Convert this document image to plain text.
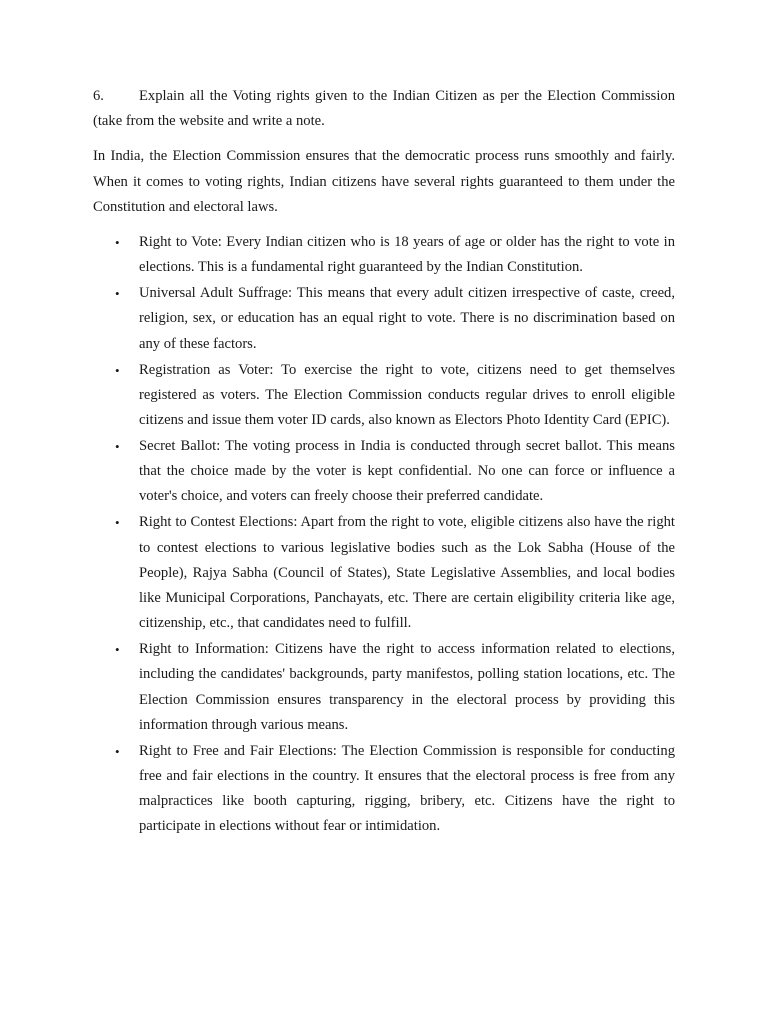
6. Explain all the Voting rights given to the Indian Citizen as per the Election Commission (take from the website and write a note.

In India, the Election Commission ensures that the democratic process runs smoothly and fairly. When it comes to voting rights, Indian citizens have several rights guaranteed to them under the Constitution and electoral laws.

• Right to Vote: Every Indian citizen who is 18 years of age or older has the right to vote in elections. This is a fundamental right guaranteed by the Indian Constitution.
• Universal Adult Suffrage: This means that every adult citizen irrespective of caste, creed, religion, sex, or education has an equal right to vote. There is no discrimination based on any of these factors.
• Registration as Voter: To exercise the right to vote, citizens need to get themselves registered as voters. The Election Commission conducts regular drives to enroll eligible citizens and issue them voter ID cards, also known as Electors Photo Identity Card (EPIC).
• Secret Ballot: The voting process in India is conducted through secret ballot. This means that the choice made by the voter is kept confidential. No one can force or influence a voter's choice, and voters can freely choose their preferred candidate.
• Right to Contest Elections: Apart from the right to vote, eligible citizens also have the right to contest elections to various legislative bodies such as the Lok Sabha (House of the People), Rajya Sabha (Council of States), State Legislative Assemblies, and local bodies like Municipal Corporations, Panchayats, etc. There are certain eligibility criteria like age, citizenship, etc., that candidates need to fulfill.
• Right to Information: Citizens have the right to access information related to elections, including the candidates' backgrounds, party manifestos, polling station locations, etc. The Election Commission ensures transparency in the electoral process by providing this information through various means.
• Right to Free and Fair Elections: The Election Commission is responsible for conducting free and fair elections in the country. It ensures that the electoral process is free from any malpractices like booth capturing, rigging, bribery, etc. Citizens have the right to participate in elections without fear or intimidation.
